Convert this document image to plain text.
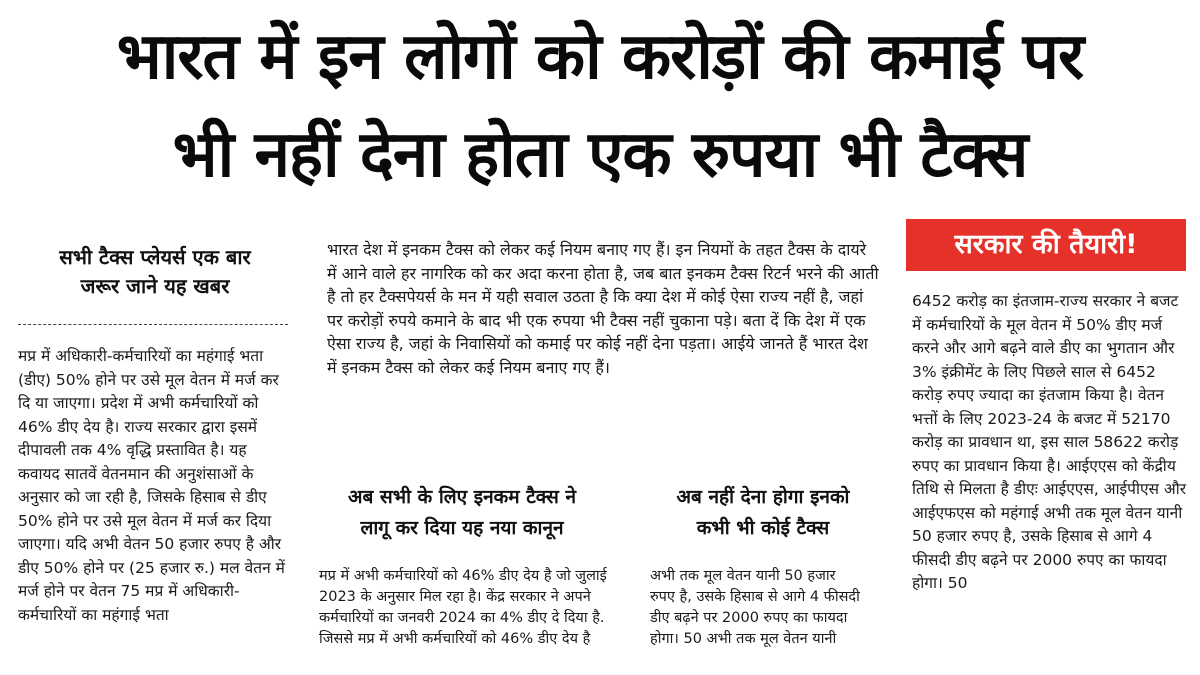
भारत में इन लोगों को करोड़ों की कमाई पर
भी नहीं देना होता एक रुपया भी टैक्स
सभी टैक्स प्लेयर्स एक बार
जरूर जाने यह खबर
मप्र में अधिकारी-कर्मचारियों का महंगाई भता (डीए) 50% होने पर उसे मूल वेतन में मर्ज कर दि या जाएगा। प्रदेश में अभी कर्मचारियों को 46% डीए देय है। राज्य सरकार द्वारा इसमें दीपावली तक 4% वृद्धि प्रस्तावित है। यह कवायद सातवें वेतनमान की अनुशंसाओं के अनुसार को जा रही है, जिसके हिसाब से डीए 50% होने पर उसे मूल वेतन में मर्ज कर दिया जाएगा। यदि अभी वेतन 50 हजार रुपए है और डीए 50% होने पर (25 हजार रु.) मल वेतन में मर्ज होने पर वेतन 75 मप्र में अधिकारी-कर्मचारियों का महंगाई भता
भारत देश में इनकम टैक्स को लेकर कई नियम बनाए गए हैं। इन नियमों के तहत टैक्स के दायरे में आने वाले हर नागरिक को कर अदा करना होता है, जब बात इनकम टैक्स रिटर्न भरने की आती है तो हर टैक्सपेयर्स के मन में यही सवाल उठता है कि क्या देश में कोई ऐसा राज्य नहीं है, जहां पर करोड़ों रुपये कमाने के बाद भी एक रुपया भी टैक्स नहीं चुकाना पड़े। बता दें कि देश में एक ऐसा राज्य है, जहां के निवासियों को कमाई पर कोई नहीं देना पड़ता। आईये जानते हैं भारत देश में इनकम टैक्स को लेकर कई नियम बनाए गए हैं।
अब सभी के लिए इनकम टैक्स ने
लागू कर दिया यह नया कानून
मप्र में अभी कर्मचारियों को 46% डीए देय है जो जुलाई 2023 के अनुसार मिल रहा है। केंद्र सरकार ने अपने कर्मचारियों का जनवरी 2024 का 4% डीए दे दिया है. जिससे मप्र में अभी कर्मचारियों को 46% डीए देय है
अब नहीं देना होगा इनको
कभी भी कोई टैक्स
अभी तक मूल वेतन यानी 50 हजार रुपए है, उसके हिसाब से आगे 4 फीसदी डीए बढ़ने पर 2000 रुपए का फायदा होगा। 50 अभी तक मूल वेतन यानी
सरकार की तैयारी!
6452 करोड़ का इंतजाम-राज्य सरकार ने बजट में कर्मचारियों के मूल वेतन में 50% डीए मर्ज करने और आगे बढ़ने वाले डीए का भुगतान और 3% इंक्रीमेंट के लिए पिछले साल से 6452 करोड़ रुपए ज्यादा का इंतजाम किया है। वेतन भत्तों के लिए 2023-24 के बजट में 52170 करोड़ का प्रावधान था, इस साल 58622 करोड़ रुपए का प्रावधान किया है। आईएएस को केंद्रीय तिथि से मिलता है डीएः आईएएस, आईपीएस और आईएफएस को महंगाई अभी तक मूल वेतन यानी 50 हजार रुपए है, उसके हिसाब से आगे 4 फीसदी डीए बढ़ने पर 2000 रुपए का फायदा होगा। 50
